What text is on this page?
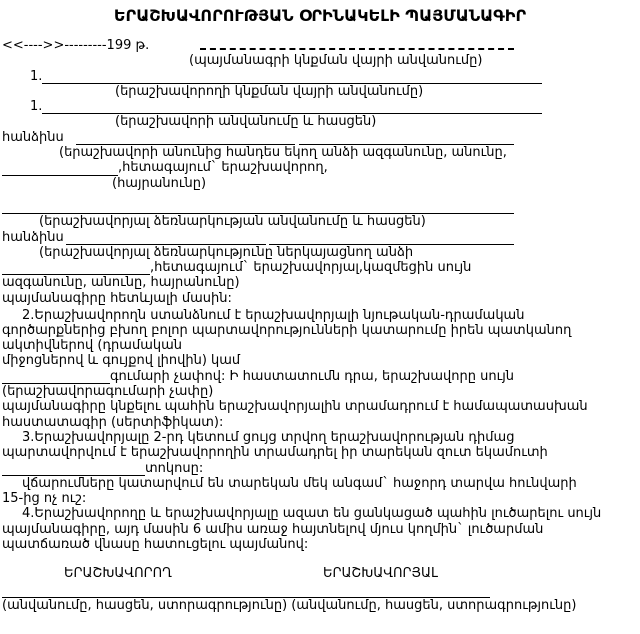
ԵՐԱՇԽԱՎՈՐՈՒԹՅԱՆ ՕՐԻՆԱԿԵԼԻ ՊԱՅՄԱՆԱԳԻՐ
<<---->>---------199 թ.
(պայմանագրի կնքման վայրի անվանումը)
1.
(երաշխավորողի կնքման վայրի անվանումը)
1.
(երաշխավորի անվանումը և հասցեն)
հանձինս
(երաշխավորի անունից հանդես եկող անձի ազգանունը, անունը,
,հետագայում` երաշխավորող,
(հայրանունը)
(երաշխավորյալ ձեռնարկության անվանումը և հասցեն)
հանձինս
(երաշխավորյալ ձեռնարկությունը ներկայացնող անձի
,հետագայում` երաշխավորյալ,կազմեցին սույն
ազգանունը, անունը, հայրանունը)
պայմանագիրը հետևյալի մասին:
2.Երաշխավորողն ստանձնում է երաշխավորյալի նյութական-դրամական
գործարքներից բխող բոլոր պարտավորությունների կատարումը իրեն պատկանող
ակտիվներով (դրամական
միջոցներով և գույքով լիովին) կամ
գումարի չափով: Ի հաստատումն դրա, երաշխավորը սույն
(երաշխավորագումարի չափը)
պայմանագիրը կնքելու պահին երաշխավորյալին տրամադրում է համապատասխան
հաստատագիր (սերտիֆիկատ):
3.Երաշխավորյալը 2-րդ կետում ցույց տրվող երաշխավորության դիմաց
պարտավորվում է երաշխավորողին տրամադրել իր տարեկան զուտ եկամուտի
տոկոսը:
վճարումները կատարվում են տարեկան մեկ անգամ` հաջորդ տարվա հունվարի
15-ից ոչ ուշ:
4.Երաշխավորողը և երաշխավորյալը ազատ են ցանկացած պահին լուծարելու սույն
պայմանագիրը, այդ մասին 6 ամիս առաջ հայտնելով մյուս կողմին` լուծարման
պատճառած վնասը հատուցելու պայմանով:
ԵՐԱՇԽԱՎՈՐՈՂ	ԵՐԱՇԽԱՎՈՐՅԱԼ
(անվանումը, հասցեն, ստորագրությունը) (անվանումը, հասցեն, ստորագրությունը)
